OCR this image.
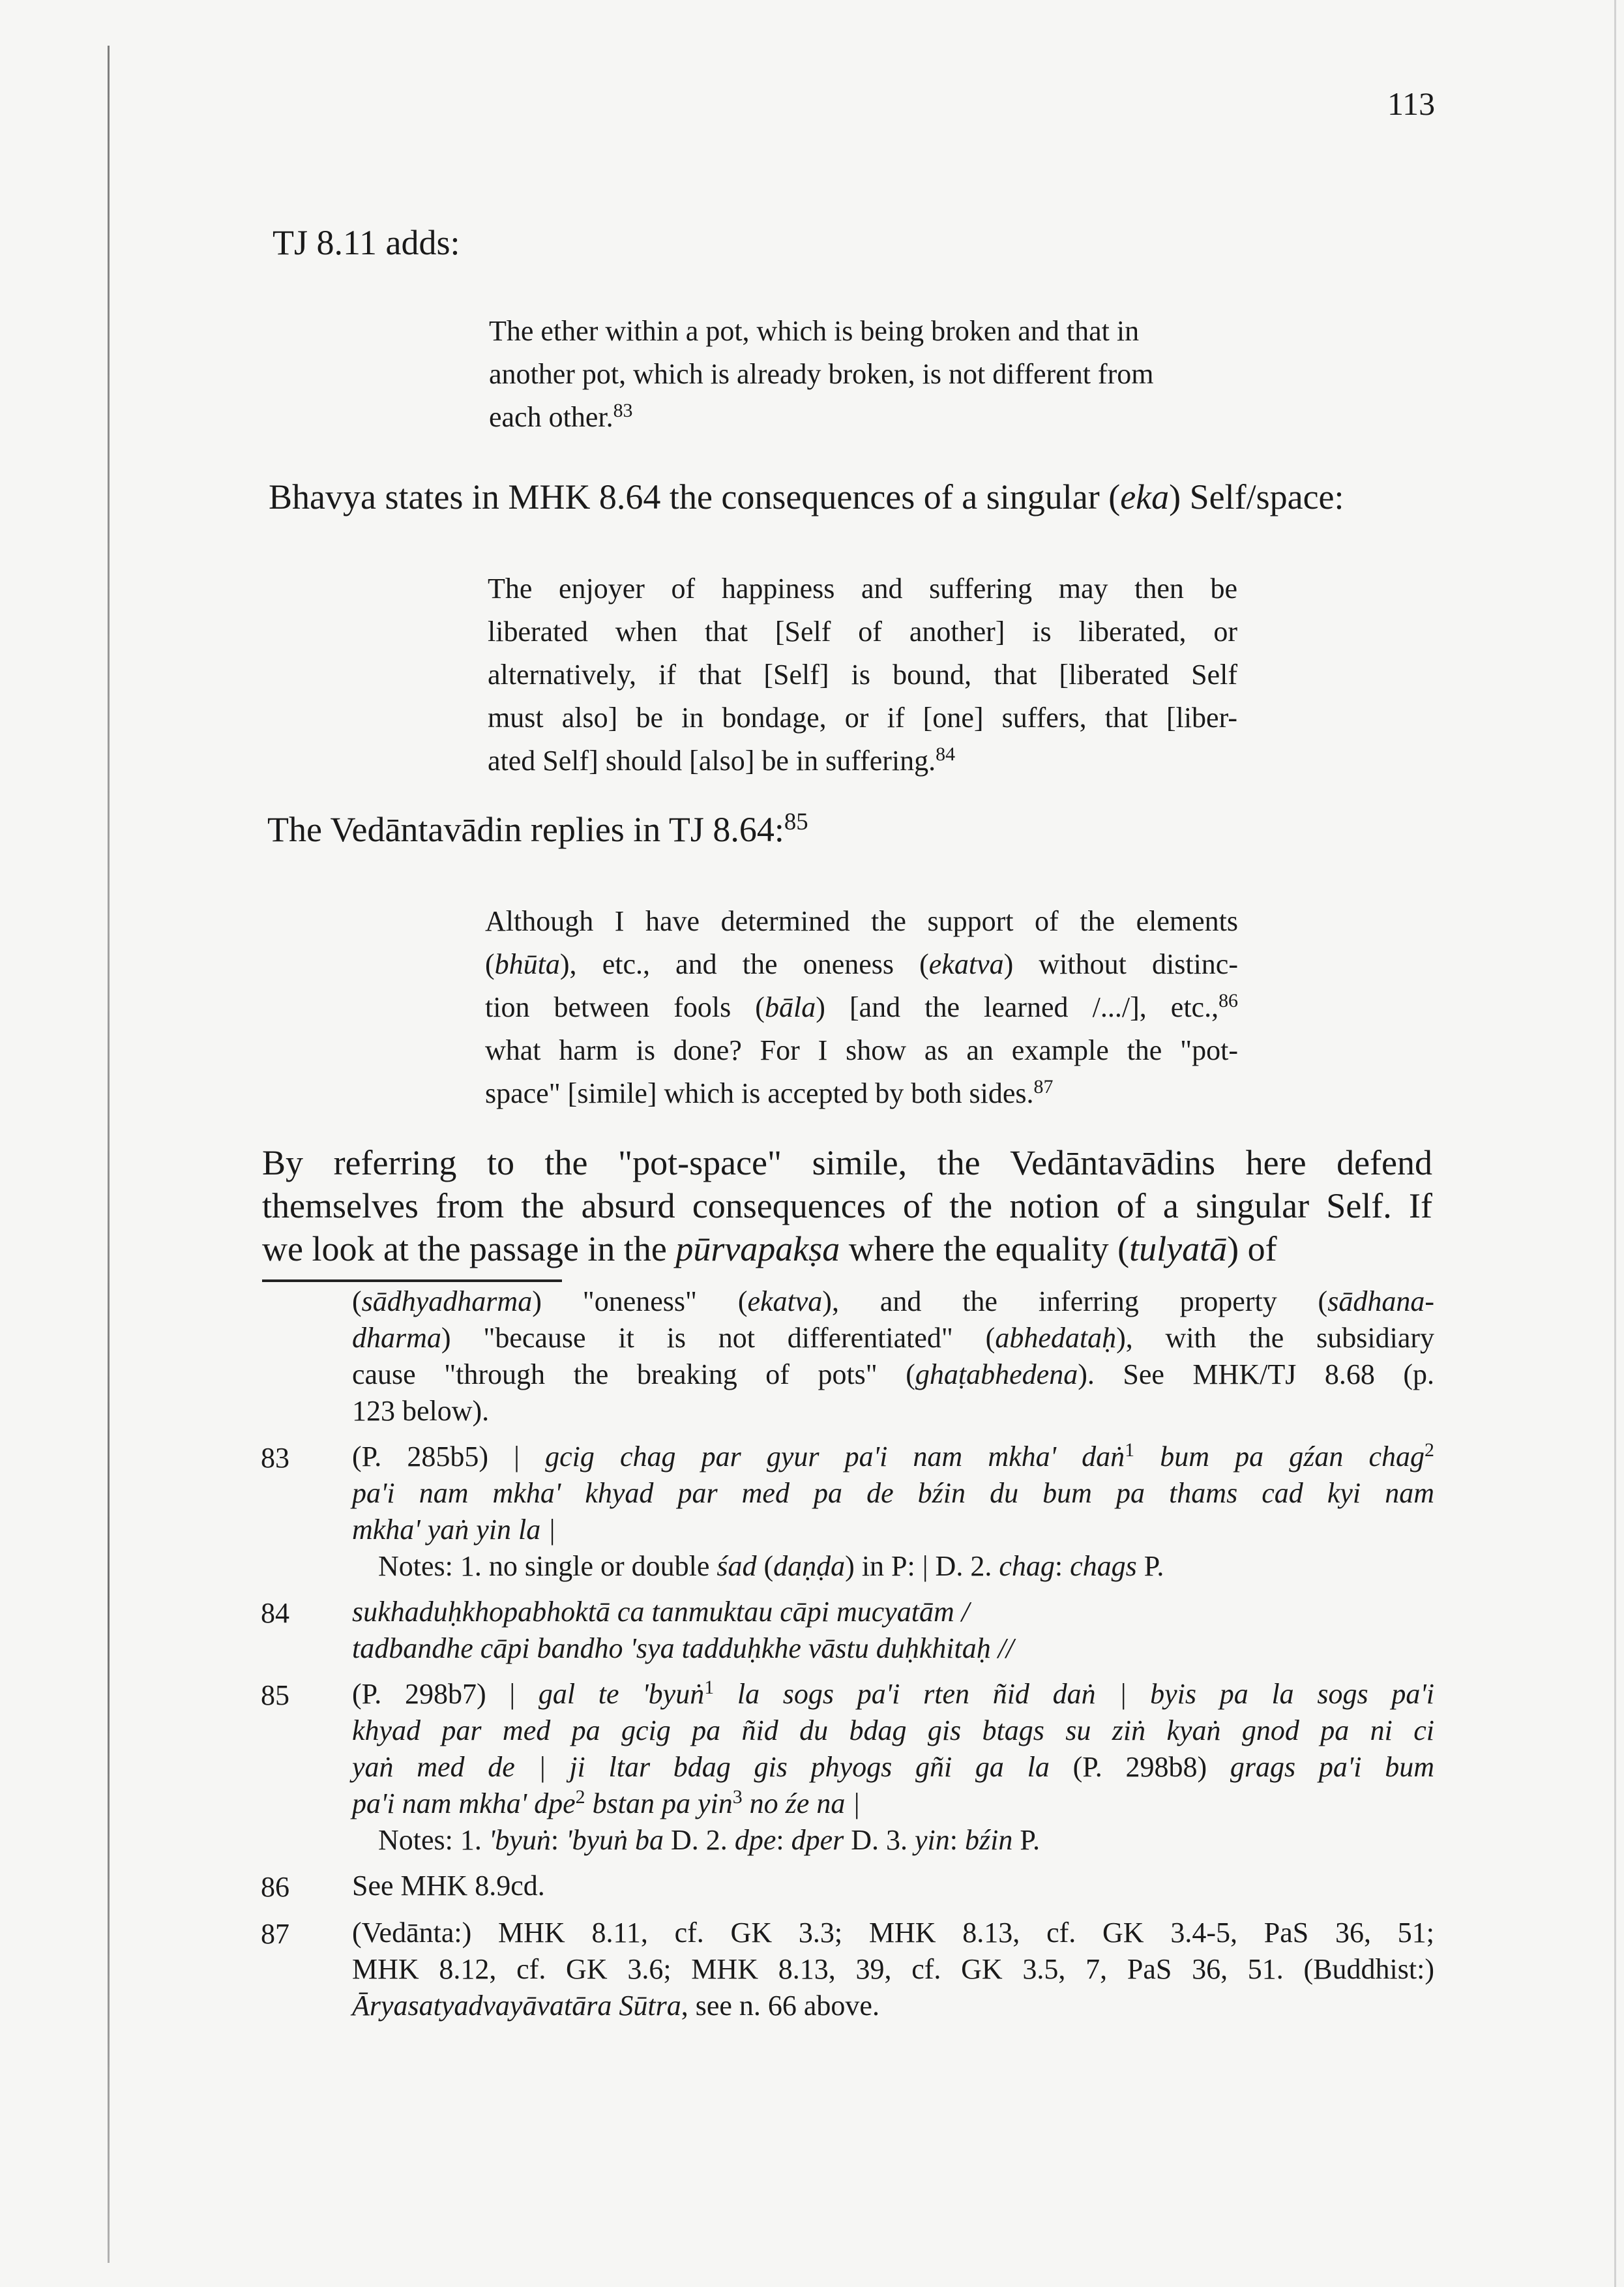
113
TJ 8.11 adds:
The ether within a pot, which is being broken and that in
another pot, which is already broken, is not different from
each other.$^{83}$
Bhavya states in MHK 8.64 the consequences of a singular (eka) Self/space:
The enjoyer of happiness and suffering may then be
liberated when that [Self of another] is liberated, or
alternatively, if that [Self] is bound, that [liberated Self
must also] be in bondage, or if [one] suffers, that [liber-
ated Self] should [also] be in suffering.$^{84}$
The Vedāntavādin replies in TJ 8.64:$^{85}$
Although I have determined the support of the elements
(bhūta), etc., and the oneness (ekatva) without distinc-
tion between fools (bāla) [and the learned /.../], etc.,$^{86}$
what harm is done? For I show as an example the "pot-
space" [simile] which is accepted by both sides.$^{87}$
By referring to the "pot-space" simile, the Vedāntavādins here defend
themselves from the absurd consequences of the notion of a singular Self. If
we look at the passage in the pūrvapakṣa where the equality (tulyatā) of
(sādhyadharma) "oneness" (ekatva), and the inferring property (sādhana-
dharma) "because it is not differentiated" (abhedataḥ), with the subsidiary
cause "through the breaking of pots" (ghaṭabhedena). See MHK/TJ 8.68 (p.
123 below).
83	(P. 285b5) | gcig chag par gyur pa'i nam mkha' daṅ$^1$ bum pa gźan chag$^2$
pa'i nam mkha' khyad par med pa de bźin du bum pa thams cad kyi nam
mkha' yaṅ yin la |
Notes: 1. no single or double śad (daṇḍa) in P: | D. 2. chag: chags P.
84	sukhaduḥkhopabhoktā ca tanmuktau cāpi mucyatām /
tadbandhe cāpi bandho 'sya tadduḥkhe vāstu duḥkhitaḥ //
85	(P. 298b7) | gal te 'byuṅ$^1$ la sogs pa'i rten ñid daṅ | byis pa la sogs pa'i
khyad par med pa gcig pa ñid du bdag gis btags su ziṅ kyaṅ gnod pa ni ci
yaṅ med de | ji ltar bdag gis phyogs gñi ga la (P. 298b8) grags pa'i bum
pa'i nam mkha' dpe$^2$ bstan pa yin$^3$ no źe na |
Notes: 1. 'byuṅ: 'byuṅ ba D. 2. dpe: dper D. 3. yin: bźin P.
86	See MHK 8.9cd.
87	(Vedānta:) MHK 8.11, cf. GK 3.3; MHK 8.13, cf. GK 3.4-5, PaS 36, 51;
MHK 8.12, cf. GK 3.6; MHK 8.13, 39, cf. GK 3.5, 7, PaS 36, 51. (Buddhist:)
Āryasatyadvayāvatāra Sūtra, see n. 66 above.
